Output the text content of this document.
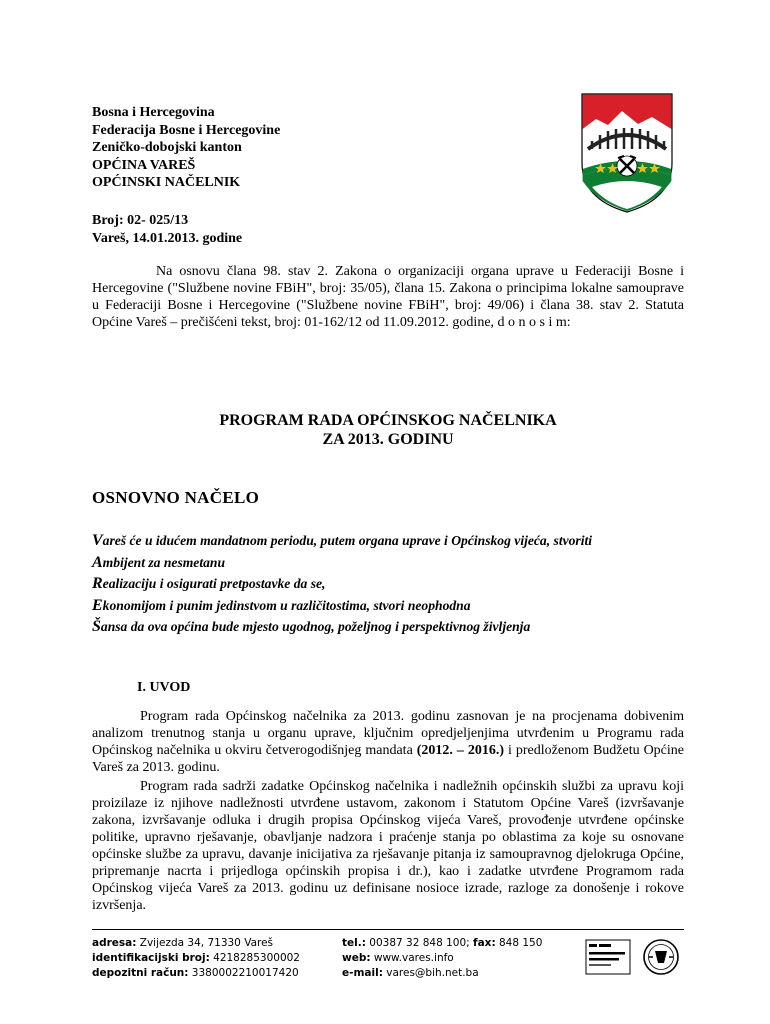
Bosna i Hercegovina
Federacija Bosne i Hercegovine
Zeničko-dobojski kanton
OPĆINA VAREŠ
OPĆINSKI NAČELNIK
Broj: 02- 025/13
Vareš, 14.01.2013. godine

Na osnovu člana 98. stav 2. Zakona o organizaciji organa uprave u Federaciji Bosne i Hercegovine ("Službene novine FBiH", broj: 35/05), člana 15. Zakona o principima lokalne samouprave u Federaciji Bosne i Hercegovine ("Službene novine FBiH", broj: 49/06) i člana 38. stav 2. Statuta Općine Vareš – prečišćeni tekst, broj: 01-162/12 od 11.09.2012. godine, d o n o s i m:

PROGRAM RADA OPĆINSKOG NAČELNIKA
ZA 2013. GODINU
OSNOVNO NAČELO
Vareš će u idućem mandatnom periodu, putem organa uprave i Općinskog vijeća, stvoriti
Ambijent za nesmetanu
Realizaciju i osigurati pretpostavke da se,
Ekonomijom i punim jedinstvom u različitostima, stvori neophodna
Šansa da ova općina bude mjesto ugodnog, poželjnog i perspektivnog življenja
I. UVOD

Program rada Općinskog načelnika za 2013. godinu zasnovan je na procjenama dobivenim analizom trenutnog stanja u organu uprave, ključnim opredjeljenjima utvrđenim u Programu rada Općinskog načelnika u okviru četverogodišnjeg mandata (2012. – 2016.) i predloženom Budžetu Općine Vareš za 2013. godinu.

Program rada sadrži zadatke Općinskog načelnika i nadležnih općinskih službi za upravu koji proizilaze iz njihove nadležnosti utvrđene ustavom, zakonom i Statutom Općine Vareš (izvršavanje zakona, izvršavanje odluka i drugih propisa Općinskog vijeća Vareš, provođenje utvrđene općinske politike, upravno rješavanje, obavljanje nadzora i praćenje stanja po oblastima za koje su osnovane općinske službe za upravu, davanje inicijativa za rješavanje pitanja iz samoupravnog djelokruga Općine, pripremanje nacrta i prijedloga općinskih propisa i dr.), kao i zadatke utvrđene Programom rada Općinskog vijeća Vareš za 2013. godinu uz definisane nosioce izrade, razloge za donošenje i rokove izvršenja.

adresa: Zvijezda 34, 71330 Vareš
identifikacijski broj: 4218285300002
depozitni račun: 3380002210017420
tel.: 00387 32 848 100; fax: 848 150
web: www.vares.info
e-mail: vares@bih.net.ba
